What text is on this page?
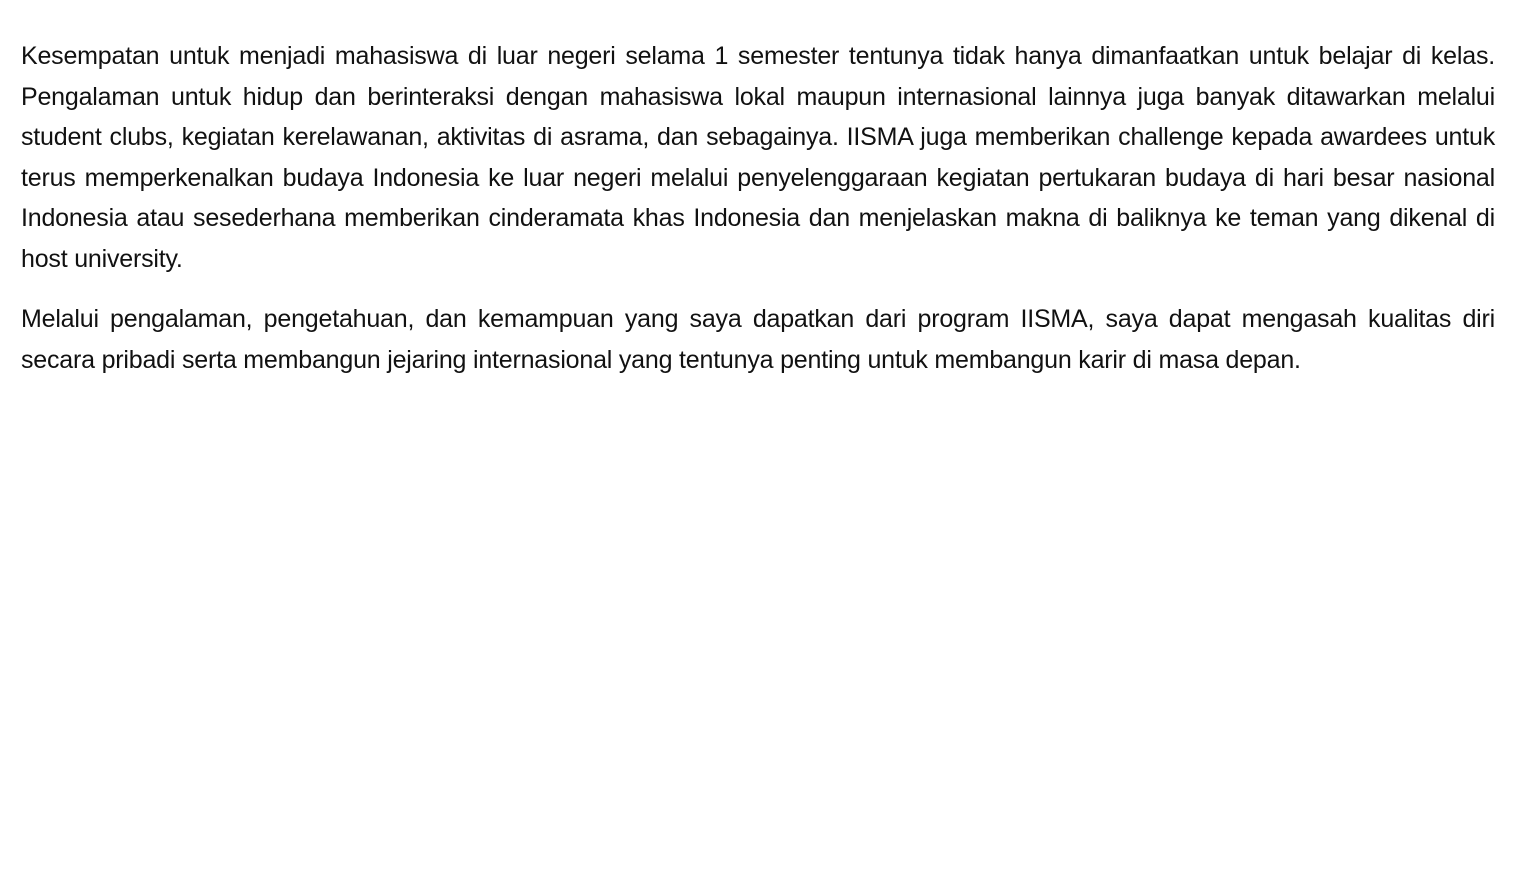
Kesempatan untuk menjadi mahasiswa di luar negeri selama 1 semester tentunya tidak hanya dimanfaatkan untuk belajar di kelas. Pengalaman untuk hidup dan berinteraksi dengan mahasiswa lokal maupun internasional lainnya juga banyak ditawarkan melalui student clubs, kegiatan kerelawanan, aktivitas di asrama, dan sebagainya. IISMA juga memberikan challenge kepada awardees untuk terus memperkenalkan budaya Indonesia ke luar negeri melalui penyelenggaraan kegiatan pertukaran budaya di hari besar nasional Indonesia atau sesederhana memberikan cinderamata khas Indonesia dan menjelaskan makna di baliknya ke teman yang dikenal di host university.

Melalui pengalaman, pengetahuan, dan kemampuan yang saya dapatkan dari program IISMA, saya dapat mengasah kualitas diri secara pribadi serta membangun jejaring internasional yang tentunya penting untuk membangun karir di masa depan.
